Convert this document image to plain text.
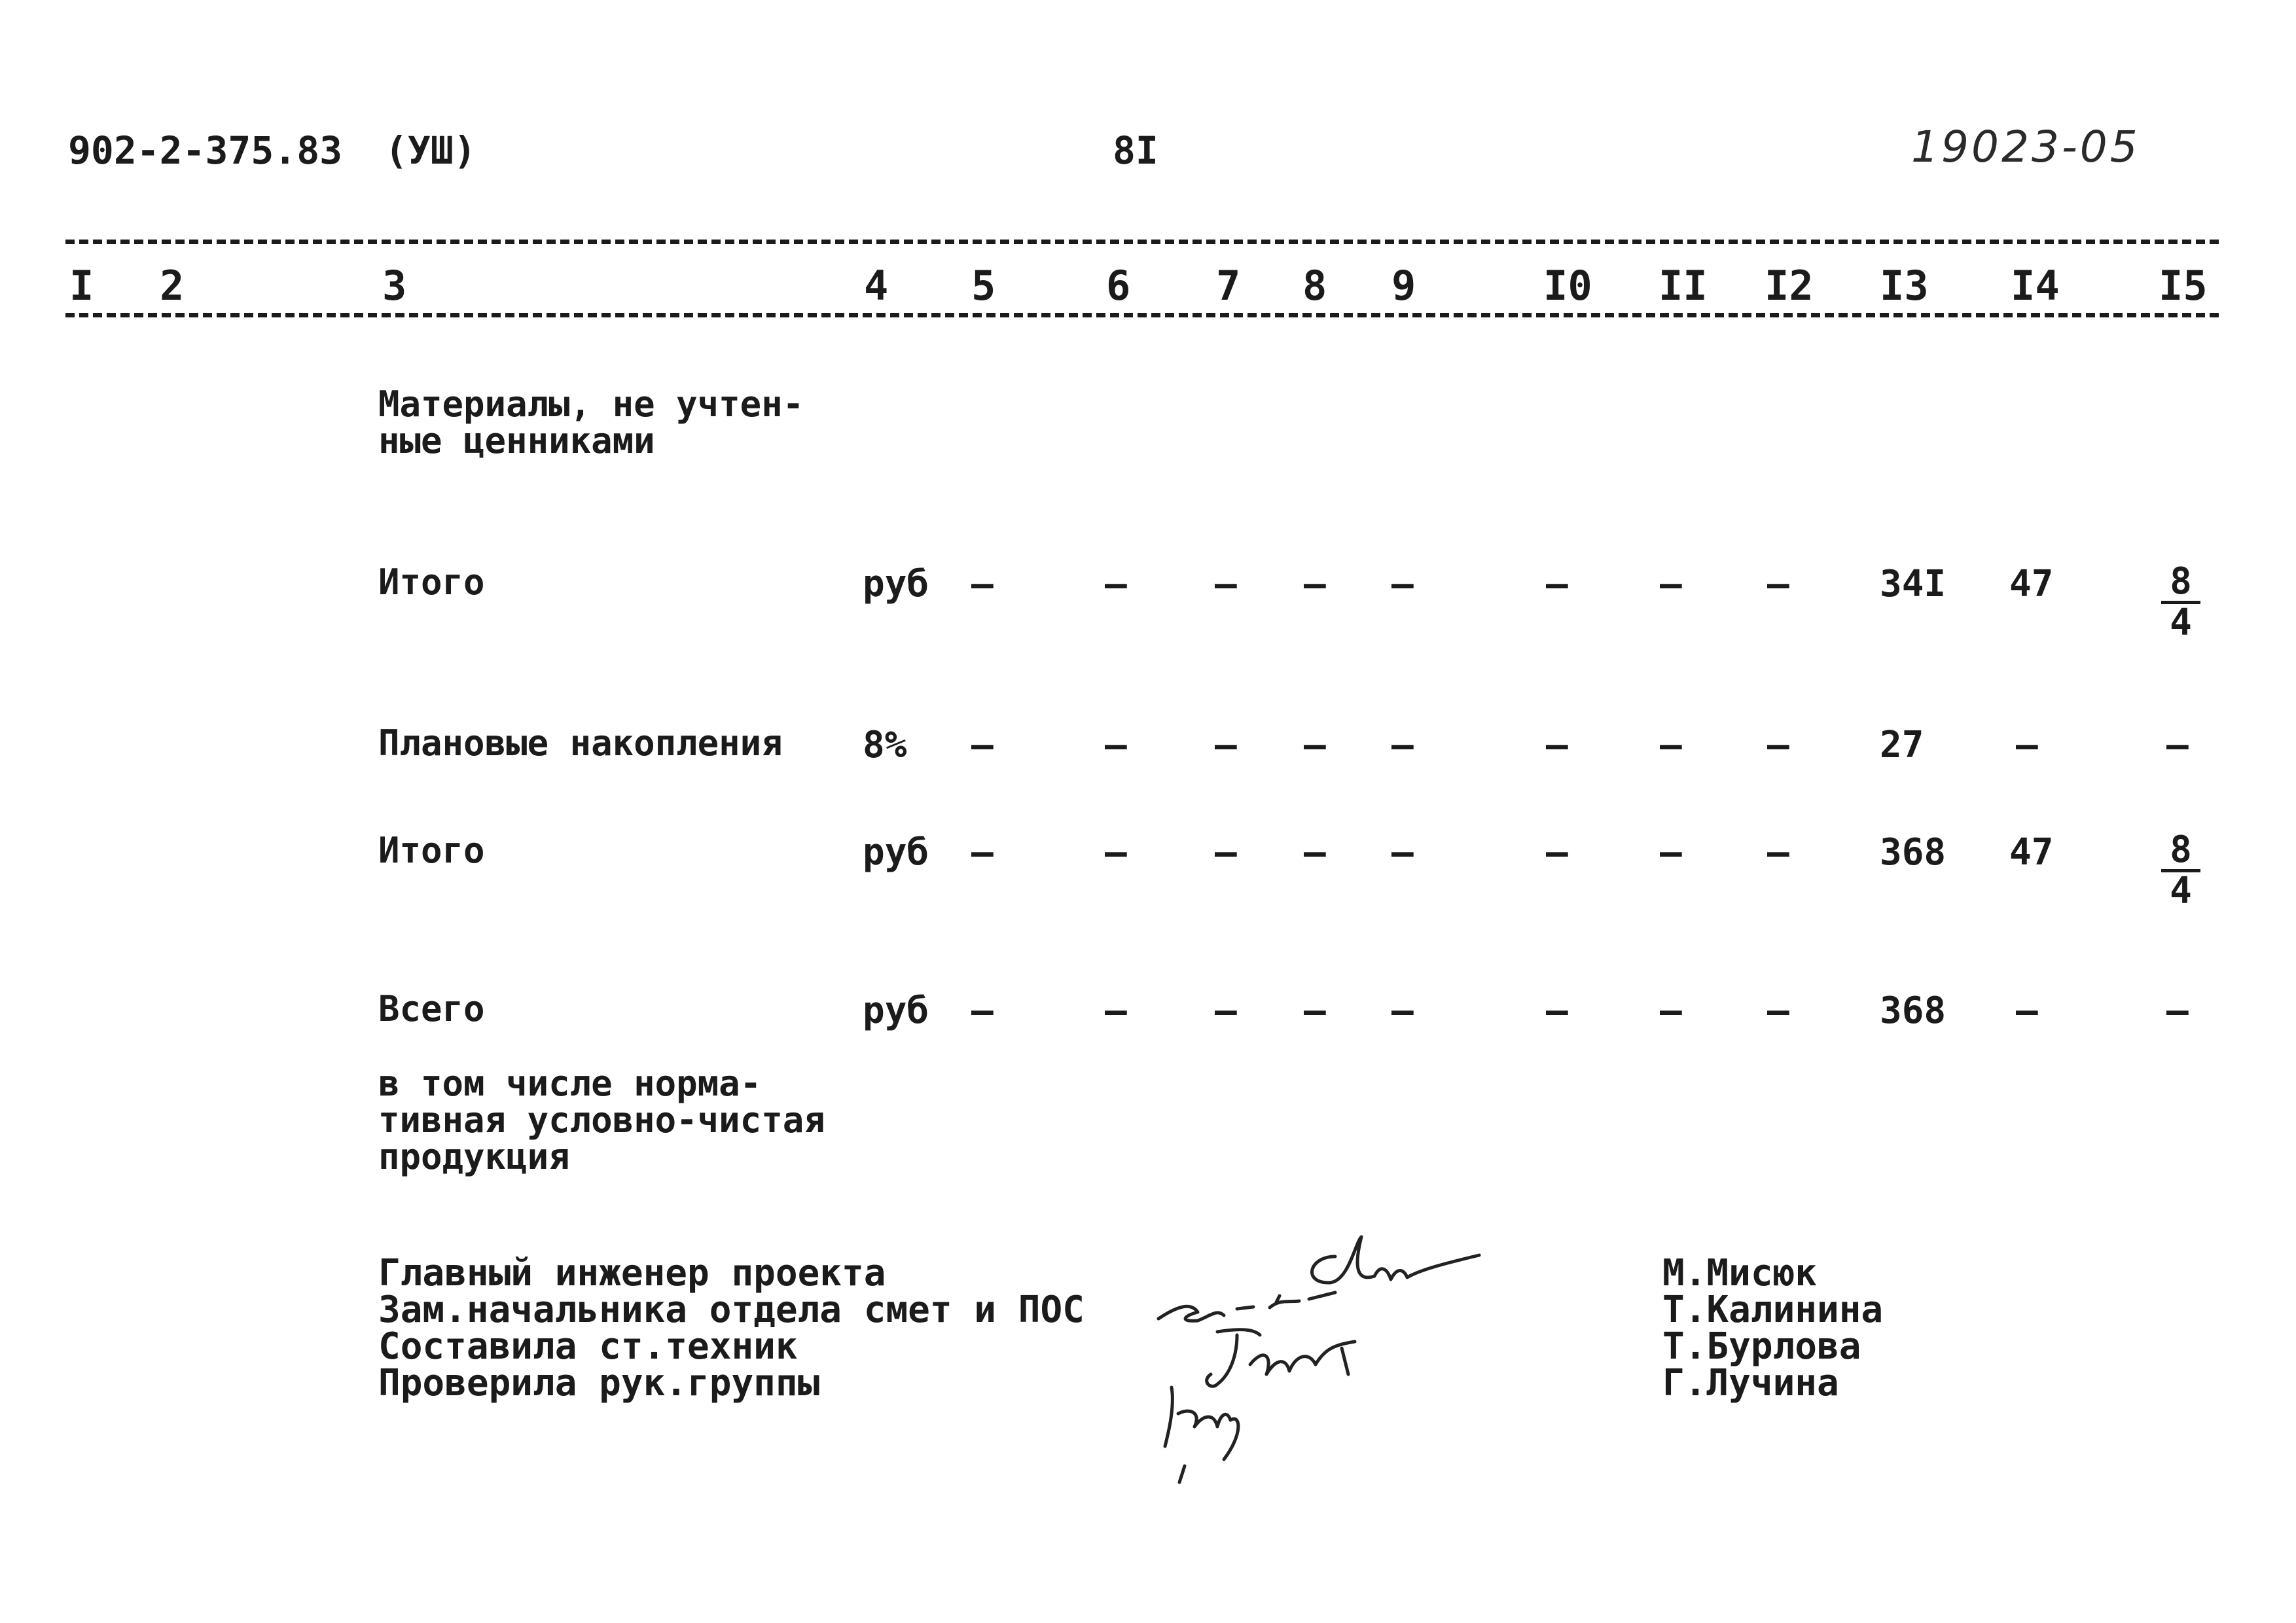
902-2-375.83 (УШ)	8I	19023-05
I 2	3	4 5	6 7 8 9	I0 II I2 I3 I4 I5
Материалы, не учтен-
ные ценниками
Итого	руб –	– – – –	–	– – 34I 47	$\frac{8}{4}$
Плановые накопления 8% –	– – – –	–	– – 27	–	–
Итого	руб –	– – – –	–	– – 368 47	$\frac{8}{4}$
Всего	руб –	– – – –	–	– – 368 –	–
в том числе норма-
тивная условно-чистая
продукция
Главный инженер проекта
Зам.начальника отдела смет и ПОС
Составила ст.техник
Проверила рук.группы
М.Мисюк
Т.Калинина
Т.Бурлова
Г.Лучина
